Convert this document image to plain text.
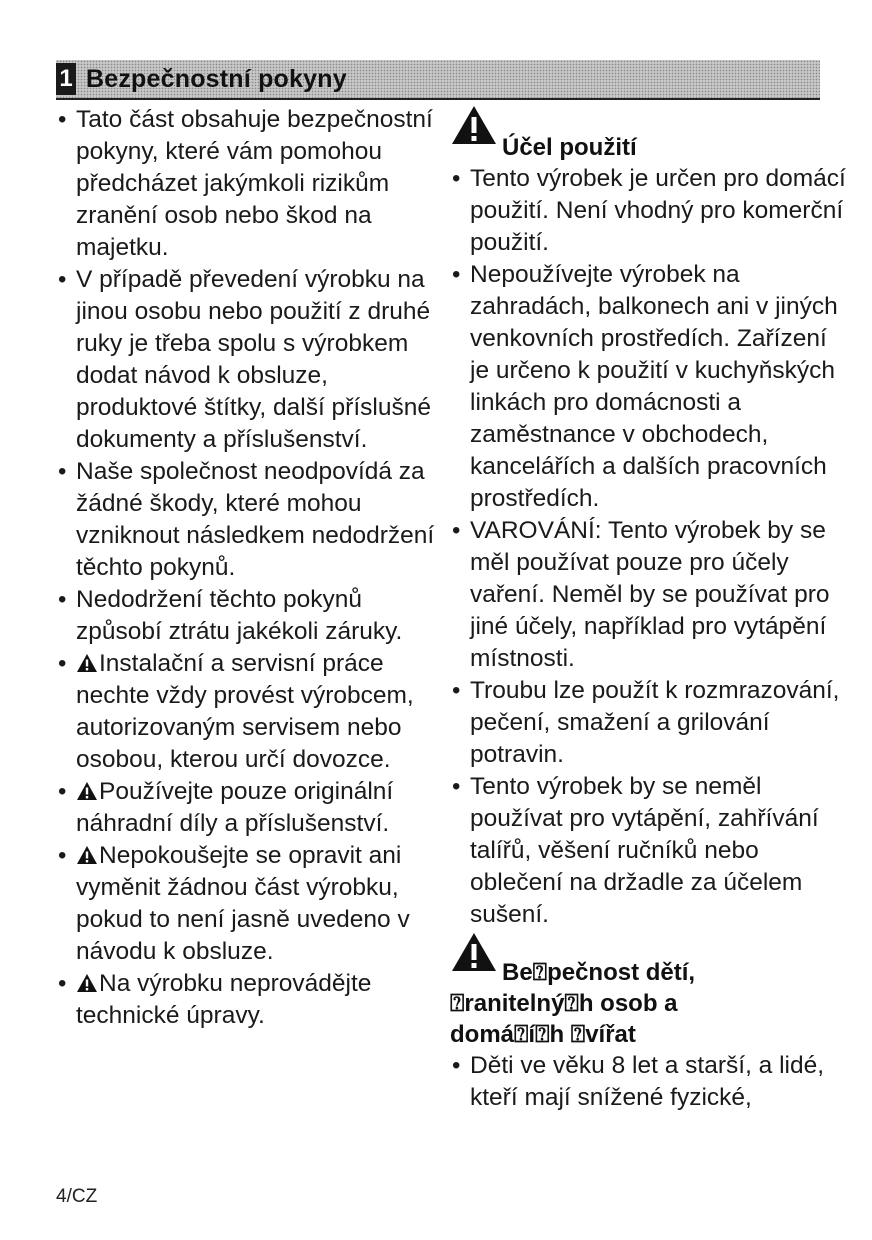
1 Bezpečnostní pokyny
• Tato část obsahuje bezpečnostní pokyny, které vám pomohou předcházet jakýmkoli rizikům zranění osob nebo škod na majetku.
• V případě převedení výrobku na jinou osobu nebo použití z druhé ruky je třeba spolu s výrobkem dodat návod k obsluze, produktové štítky, další příslušné dokumenty a příslušenství.
• Naše společnost neodpovídá za žádné škody, které mohou vzniknout následkem nedodržení těchto pokynů.
• Nedodržení těchto pokynů způsobí ztrátu jakékoli záruky.
• Instalační a servisní práce nechte vždy provést výrobcem, autorizovaným servisem nebo osobou, kterou určí dovozce.
• Používejte pouze originální náhradní díly a příslušenství.
• Nepokoušejte se opravit ani vyměnit žádnou část výrobku, pokud to není jasně uvedeno v návodu k obsluze.
• Na výrobku neprovádějte technické úpravy.
Účel použití
• Tento výrobek je určen pro domácí použití. Není vhodný pro komerční použití.
• Nepoužívejte výrobek na zahradách, balkonech ani v jiných venkovních prostředích. Zařízení je určeno k použití v kuchyňských linkách pro domácnosti a zaměstnance v obchodech, kancelářích a dalších pracovních prostředích.
• VAROVÁNÍ: Tento výrobek by se měl používat pouze pro účely vaření. Neměl by se používat pro jiné účely, například pro vytápění místnosti.
• Troubu lze použít k rozmrazování, pečení, smažení a grilování potravin.
• Tento výrobek by se neměl používat pro vytápění, zahřívání talířů, věšení ručníků nebo oblečení na držadle za účelem sušení.
Be⍰pečnost dětí,
⍰ranitelný⍰h osob a
domá⍰í⍰h ⍰vířat
• Děti ve věku 8 let a starší, a lidé, kteří mají snížené fyzické,
4/CZ
